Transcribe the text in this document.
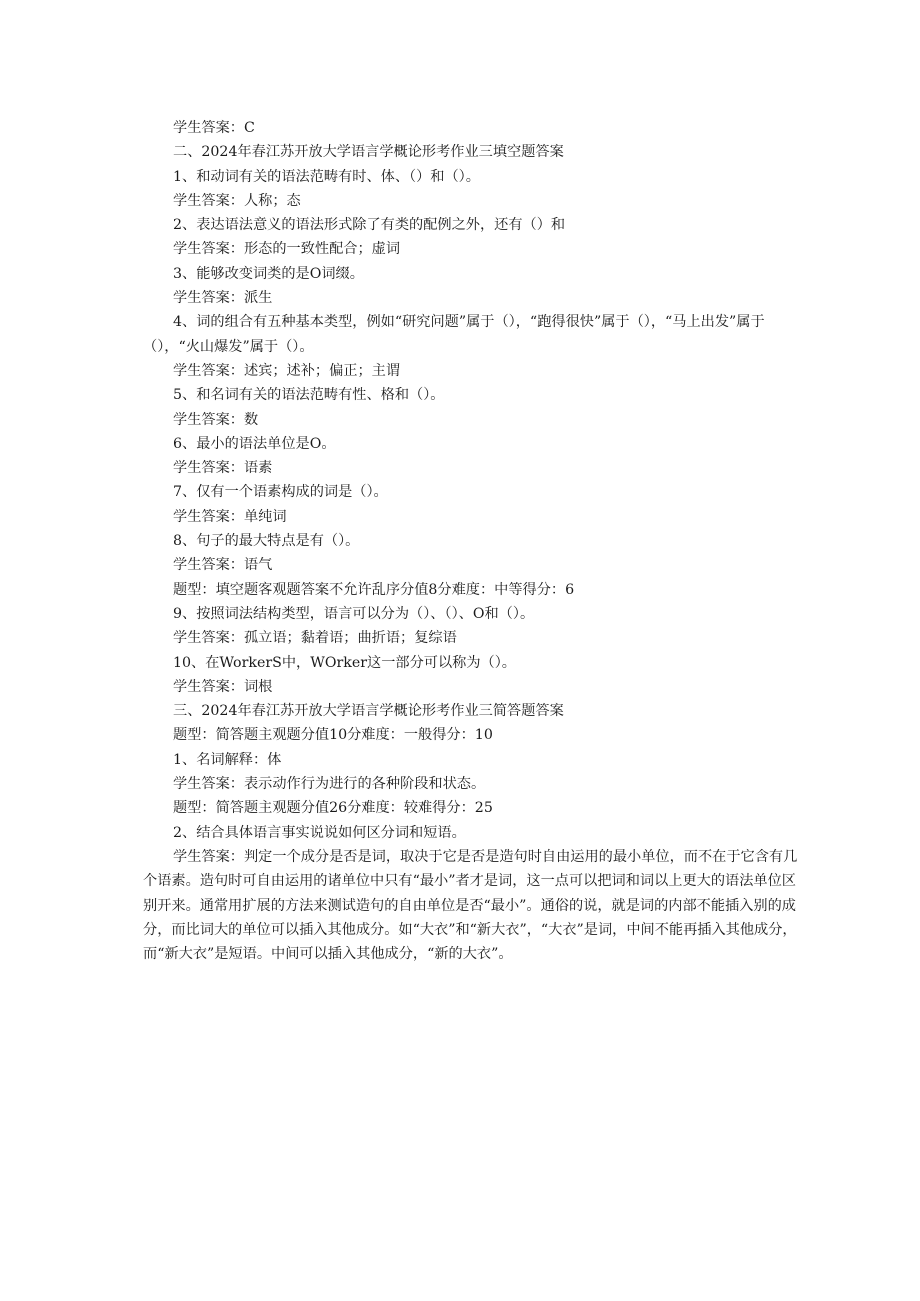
学生答案：C

二、2024年春江苏开放大学语言学概论形考作业三填空题答案

1、和动词有关的语法范畴有时、体、（）和（）。

学生答案：人称；态

2、表达语法意义的语法形式除了有类的配例之外，还有（）和

学生答案：形态的一致性配合；虚词

3、能够改变词类的是O词缀。

学生答案：派生

4、词的组合有五种基本类型，例如“研究问题”属于（），“跑得很快”属于（），“马上出发”属于（），“火山爆发”属于（）。

学生答案：述宾；述补；偏正；主谓

5、和名词有关的语法范畴有性、格和（）。

学生答案：数

6、最小的语法单位是O。

学生答案：语素

7、仅有一个语素构成的词是（）。

学生答案：单纯词

8、句子的最大特点是有（）。

学生答案：语气

题型：填空题客观题答案不允许乱序分值8分难度：中等得分：6

9、按照词法结构类型，语言可以分为（）、（）、O和（）。

学生答案：孤立语；黏着语；曲折语；复综语

10、在WorkerS中，WOrker这一部分可以称为（）。

学生答案：词根

三、2024年春江苏开放大学语言学概论形考作业三简答题答案

题型：简答题主观题分值10分难度：一般得分：10

1、名词解释：体

学生答案：表示动作行为进行的各种阶段和状态。

题型：简答题主观题分值26分难度：较难得分：25

2、结合具体语言事实说说如何区分词和短语。

学生答案：判定一个成分是否是词，取决于它是否是造句时自由运用的最小单位，而不在于它含有几个语素。造句时可自由运用的诸单位中只有“最小”者才是词，这一点可以把词和词以上更大的语法单位区别开来。通常用扩展的方法来测试造句的自由单位是否“最小”。通俗的说，就是词的内部不能插入别的成分，而比词大的单位可以插入其他成分。如“大衣”和“新大衣”，“大衣”是词，中间不能再插入其他成分，而“新大衣”是短语。中间可以插入其他成分，“新的大衣”。
